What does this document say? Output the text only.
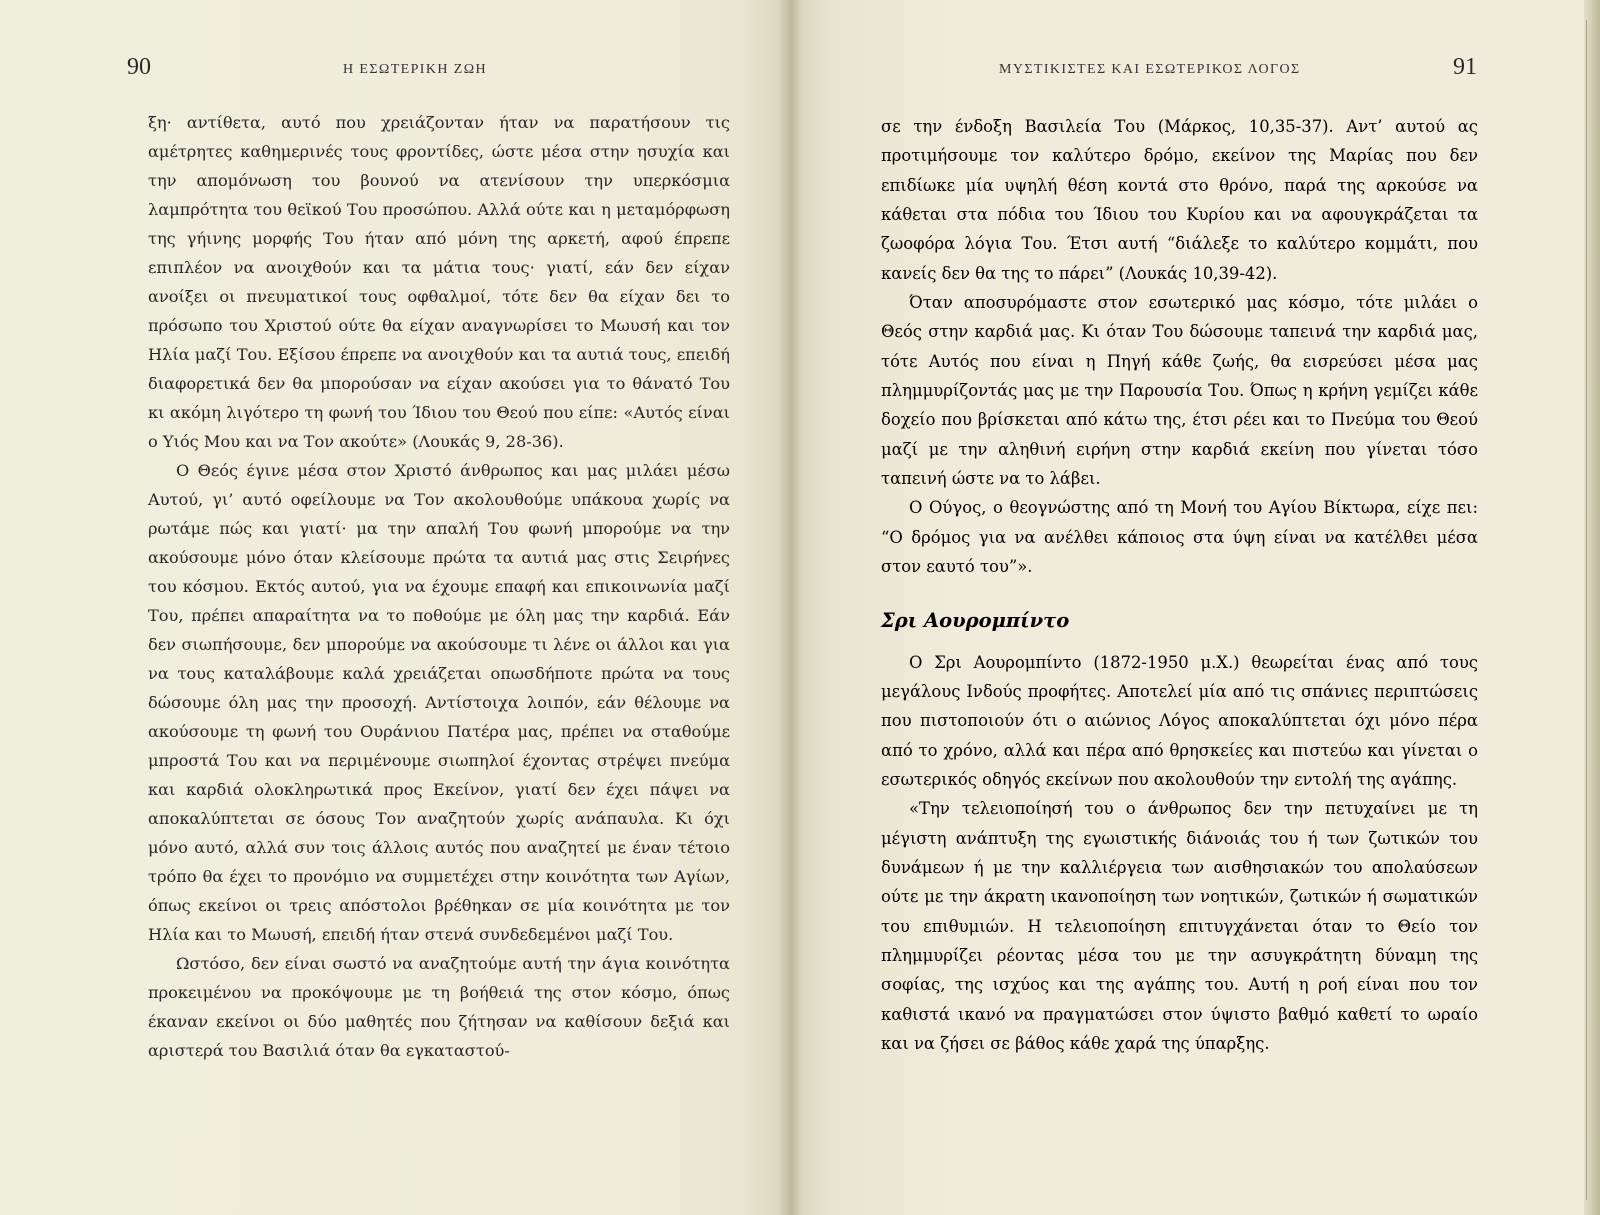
90	Η ΕΣΩΤΕΡΙΚΗ ΖΩΗ

ξη· αντίθετα, αυτό που χρειάζονταν ήταν να παρατήσουν τις αμέτρητες καθημερινές τους φροντίδες, ώστε μέσα στην ησυχία και την απομόνωση του βουνού να ατενίσουν την υπερκόσμια λαμπρότητα του θεϊκού Του προσώπου. Αλλά ούτε και η μεταμόρφωση της γήινης μορφής Του ήταν από μόνη της αρκετή, αφού έπρεπε επιπλέον να ανοιχθούν και τα μάτια τους· γιατί, εάν δεν είχαν ανοίξει οι πνευματικοί τους οφθαλμοί, τότε δεν θα είχαν δει το πρόσωπο του Χριστού ούτε θα είχαν αναγνωρίσει το Μωυσή και τον Ηλία μαζί Του. Εξίσου έπρεπε να ανοιχθούν και τα αυτιά τους, επειδή διαφορετικά δεν θα μπορούσαν να είχαν ακούσει για το θάνατό Του κι ακόμη λιγότερο τη φωνή του Ίδιου του Θεού που είπε: «Αυτός είναι ο Υιός Μου και να Τον ακούτε» (Λουκάς 9, 28-36).

Ο Θεός έγινε μέσα στον Χριστό άνθρωπος και μας μιλάει μέσω Αυτού, γι’ αυτό οφείλουμε να Τον ακολουθούμε υπάκουα χωρίς να ρωτάμε πώς και γιατί· μα την απαλή Του φωνή μπορούμε να την ακούσουμε μόνο όταν κλείσουμε πρώτα τα αυτιά μας στις Σειρήνες του κόσμου. Εκτός αυτού, για να έχουμε επαφή και επικοινωνία μαζί Του, πρέπει απαραίτητα να το ποθούμε με όλη μας την καρδιά. Εάν δεν σιωπήσουμε, δεν μπορούμε να ακούσουμε τι λένε οι άλλοι και για να τους καταλάβουμε καλά χρειάζεται οπωσδήποτε πρώτα να τους δώσουμε όλη μας την προσοχή. Αντίστοιχα λοιπόν, εάν θέλουμε να ακούσουμε τη φωνή του Ουράνιου Πατέρα μας, πρέπει να σταθούμε μπροστά Του και να περιμένουμε σιωπηλοί έχοντας στρέψει πνεύμα και καρδιά ολοκληρωτικά προς Εκείνον, γιατί δεν έχει πάψει να αποκαλύπτεται σε όσους Τον αναζητούν χωρίς ανάπαυλα. Κι όχι μόνο αυτό, αλλά συν τοις άλλοις αυτός που αναζητεί με έναν τέτοιο τρόπο θα έχει το προνόμιο να συμμετέχει στην κοινότητα των Αγίων, όπως εκείνοι οι τρεις απόστολοι βρέθηκαν σε μία κοινότητα με τον Ηλία και το Μωυσή, επειδή ήταν στενά συνδεδεμένοι μαζί Του.

Ωστόσο, δεν είναι σωστό να αναζητούμε αυτή την άγια κοινότητα προκειμένου να προκόψουμε με τη βοήθειά της στον κόσμο, όπως έκαναν εκείνοι οι δύο μαθητές που ζήτησαν να καθίσουν δεξιά και αριστερά του Βασιλιά όταν θα εγκαταστού-

ΜΥΣΤΙΚΙΣΤΕΣ ΚΑΙ ΕΣΩΤΕΡΙΚΟΣ ΛΟΓΟΣ	91

σε την ένδοξη Βασιλεία Του (Μάρκος, 10,35-37). Αντ’ αυτού ας προτιμήσουμε τον καλύτερο δρόμο, εκείνον της Μαρίας που δεν επιδίωκε μία υψηλή θέση κοντά στο θρόνο, παρά της αρκούσε να κάθεται στα πόδια του Ίδιου του Κυρίου και να αφουγκράζεται τα ζωοφόρα λόγια Του. Έτσι αυτή “διάλεξε το καλύτερο κομμάτι, που κανείς δεν θα της το πάρει” (Λουκάς 10,39-42).

Όταν αποσυρόμαστε στον εσωτερικό μας κόσμο, τότε μιλάει ο Θεός στην καρδιά μας. Κι όταν Του δώσουμε ταπεινά την καρδιά μας, τότε Αυτός που είναι η Πηγή κάθε ζωής, θα εισρεύσει μέσα μας πλημμυρίζοντάς μας με την Παρουσία Του. Όπως η κρήνη γεμίζει κάθε δοχείο που βρίσκεται από κάτω της, έτσι ρέει και το Πνεύμα του Θεού μαζί με την αληθινή ειρήνη στην καρδιά εκείνη που γίνεται τόσο ταπεινή ώστε να το λάβει.

Ο Ούγος, ο θεογνώστης από τη Μονή του Αγίου Βίκτωρα, είχε πει: “Ο δρόμος για να ανέλθει κάποιος στα ύψη είναι να κατέλθει μέσα στον εαυτό του”».

Σρι Αουρομπίντο

Ο Σρι Αουρομπίντο (1872-1950 μ.Χ.) θεωρείται ένας από τους μεγάλους Ινδούς προφήτες. Αποτελεί μία από τις σπάνιες περιπτώσεις που πιστοποιούν ότι ο αιώνιος Λόγος αποκαλύπτεται όχι μόνο πέρα από το χρόνο, αλλά και πέρα από θρησκείες και πιστεύω και γίνεται ο εσωτερικός οδηγός εκείνων που ακολουθούν την εντολή της αγάπης.

«Την τελειοποίησή του ο άνθρωπος δεν την πετυχαίνει με τη μέγιστη ανάπτυξη της εγωιστικής διάνοιάς του ή των ζωτικών του δυνάμεων ή με την καλλιέργεια των αισθησιακών του απολαύσεων ούτε με την άκρατη ικανοποίηση των νοητικών, ζωτικών ή σωματικών του επιθυμιών. Η τελειοποίηση επιτυγχάνεται όταν το Θείο τον πλημμυρίζει ρέοντας μέσα του με την ασυγκράτητη δύναμη της σοφίας, της ισχύος και της αγάπης του. Αυτή η ροή είναι που τον καθιστά ικανό να πραγματώσει στον ύψιστο βαθμό καθετί το ωραίο και να ζήσει σε βάθος κάθε χαρά της ύπαρξης.
